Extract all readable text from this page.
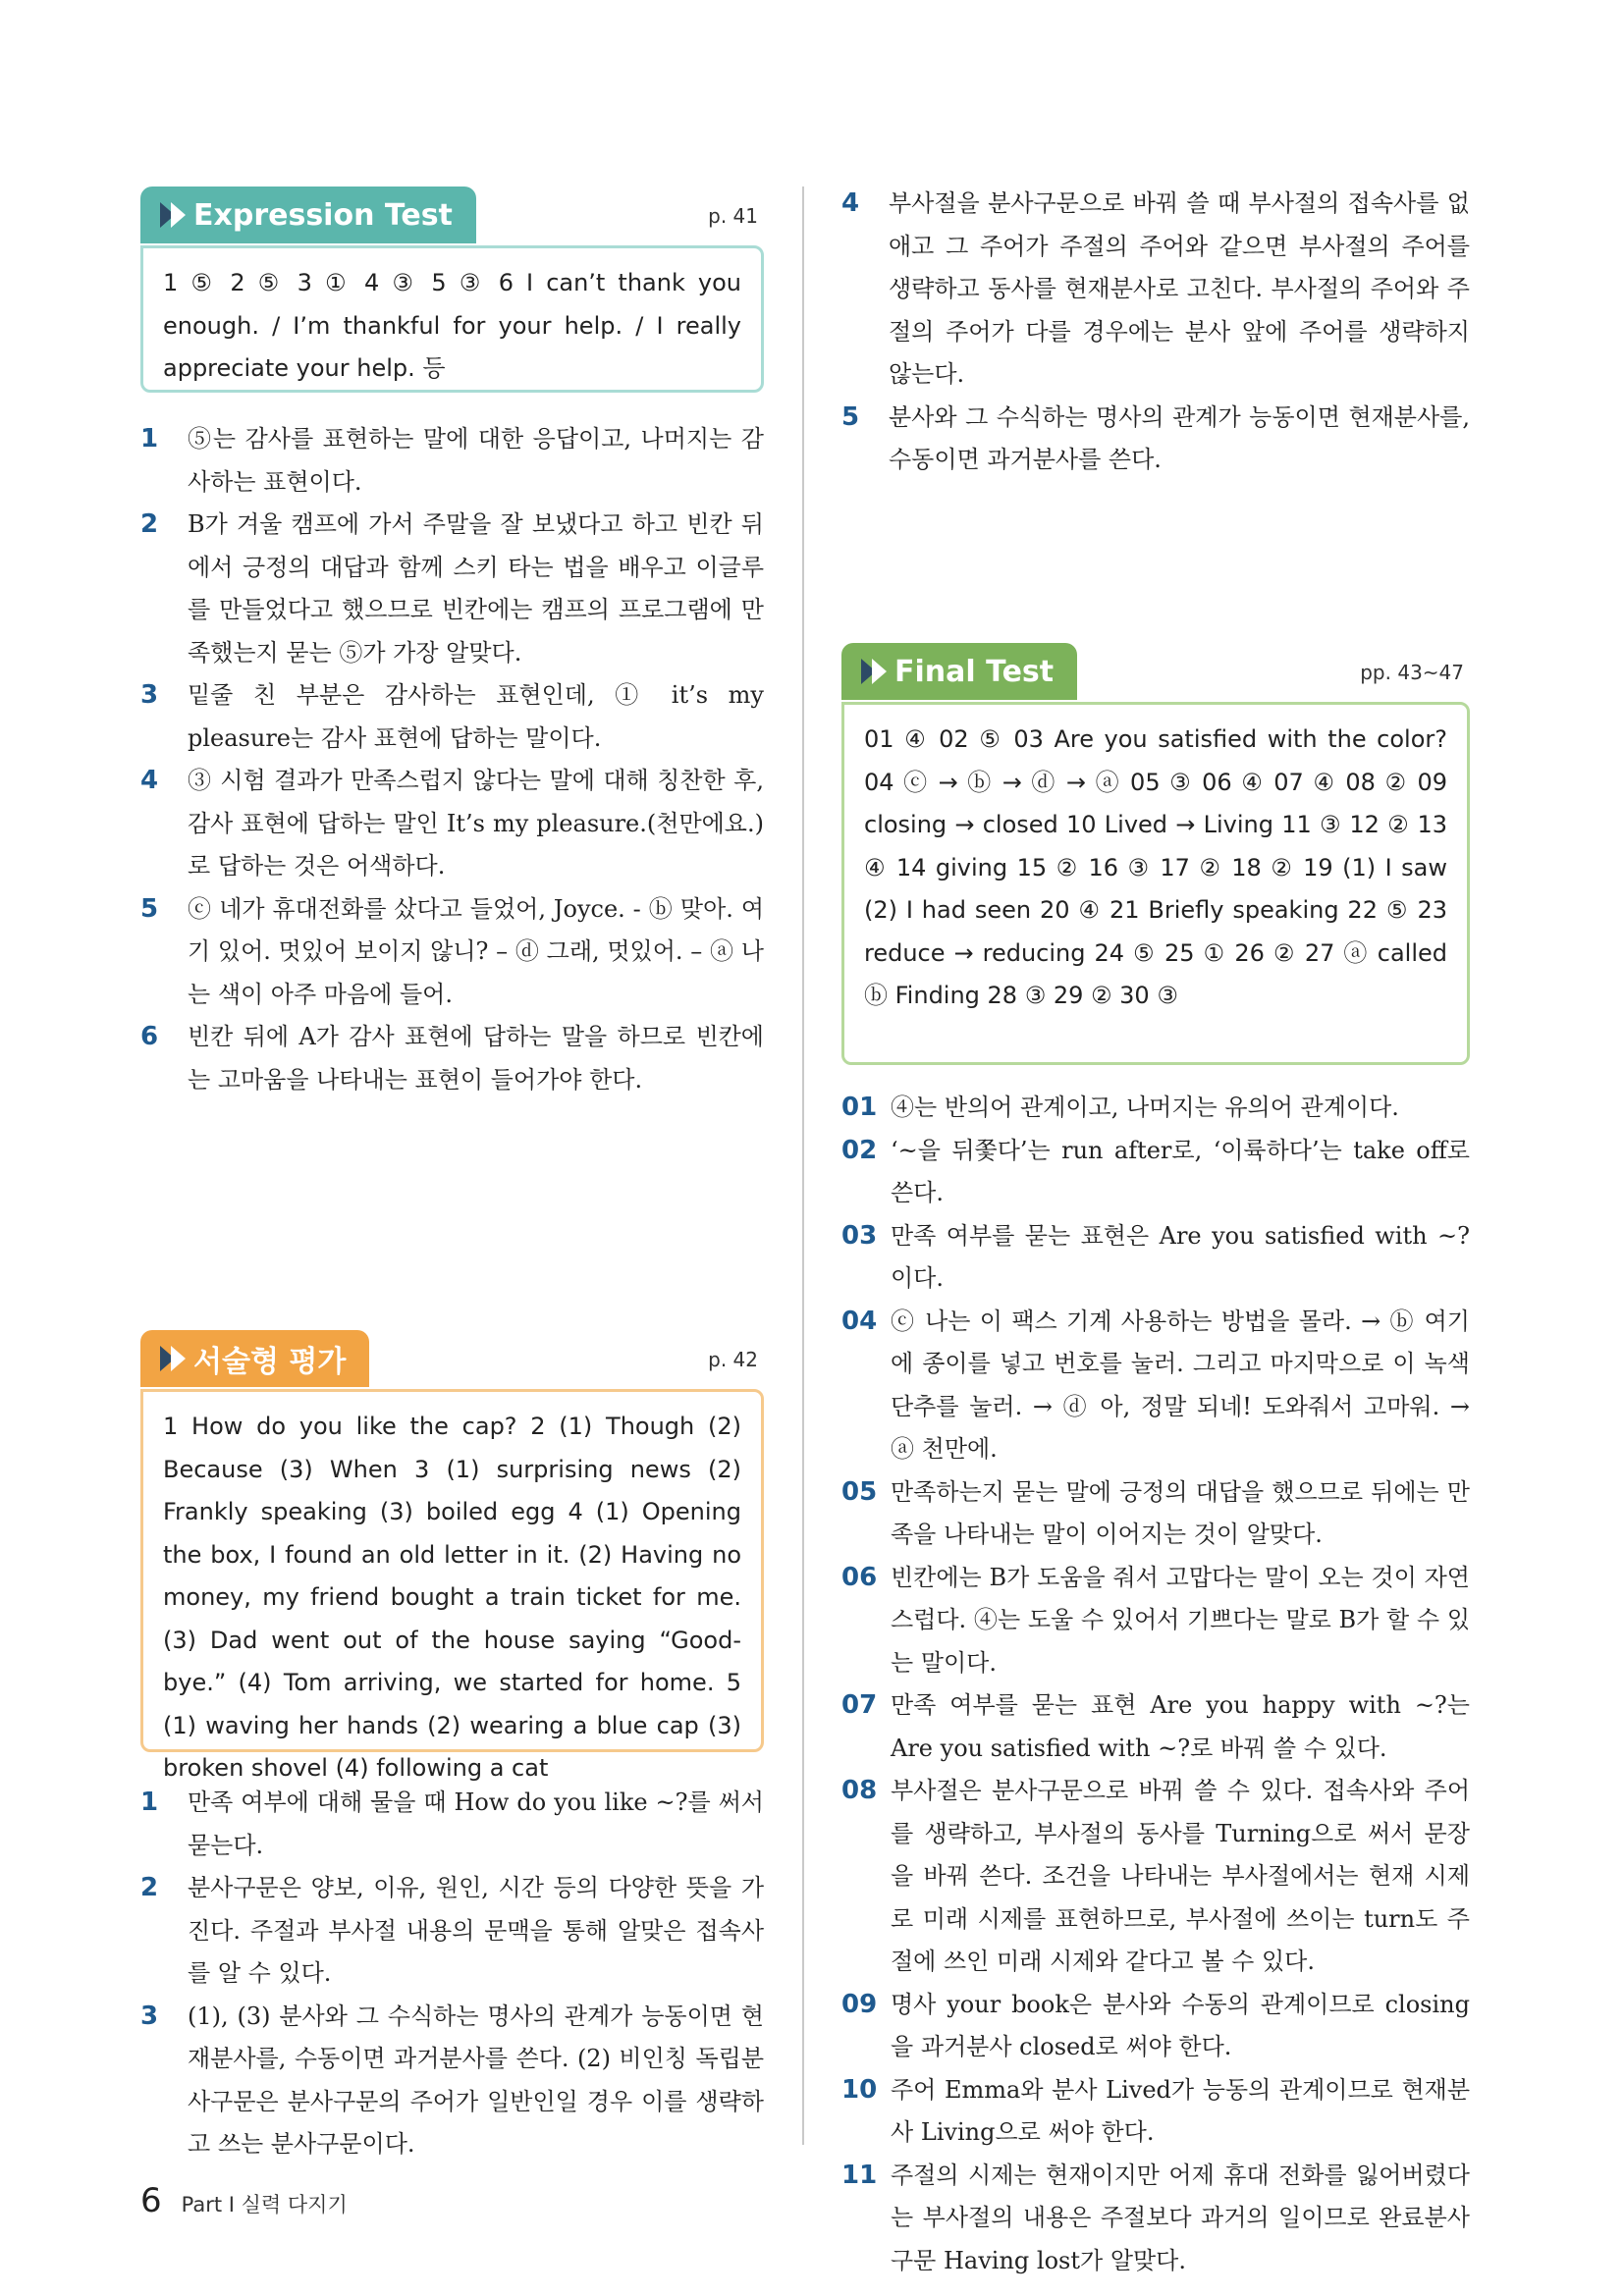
Expression Test	p. 41
1 ⑤ 2 ⑤ 3 ① 4 ③ 5 ③ 6 I can’t thank you enough. / I’m thankful for your help. / I really appreciate your help. 등
1	⑤는 감사를 표현하는 말에 대한 응답이고, 나머지는 감사하는 표현이다.
2	B가 겨울 캠프에 가서 주말을 잘 보냈다고 하고 빈칸 뒤에서 긍정의 대답과 함께 스키 타는 법을 배우고 이글루를 만들었다고 했으므로 빈칸에는 캠프의 프로그램에 만족했는지 묻는 ⑤가 가장 알맞다.
3	밑줄 친 부분은 감사하는 표현인데, ① it’s my pleasure는 감사 표현에 답하는 말이다.
4	③ 시험 결과가 만족스럽지 않다는 말에 대해 칭찬한 후, 감사 표현에 답하는 말인 It’s my pleasure.(천만에요.)로 답하는 것은 어색하다.
5	ⓒ 네가 휴대전화를 샀다고 들었어, Joyce. - ⓑ 맞아. 여기 있어. 멋있어 보이지 않니? – ⓓ 그래, 멋있어. – ⓐ 나는 색이 아주 마음에 들어.
6	빈칸 뒤에 A가 감사 표현에 답하는 말을 하므로 빈칸에는 고마움을 나타내는 표현이 들어가야 한다.
서술형 평가	p. 42
1 How do you like the cap? 2 (1) Though (2) Because (3) When 3 (1) surprising news (2) Frankly speaking (3) boiled egg 4 (1) Opening the box, I found an old letter in it. (2) Having no money, my friend bought a train ticket for me. (3) Dad went out of the house saying “Good-bye.” (4) Tom arriving, we started for home. 5 (1) waving her hands (2) wearing a blue cap (3) broken shovel (4) following a cat
1	만족 여부에 대해 물을 때 How do you like ~?를 써서 묻는다.
2	분사구문은 양보, 이유, 원인, 시간 등의 다양한 뜻을 가진다. 주절과 부사절 내용의 문맥을 통해 알맞은 접속사를 알 수 있다.
3	(1), (3) 분사와 그 수식하는 명사의 관계가 능동이면 현재분사를, 수동이면 과거분사를 쓴다. (2) 비인칭 독립분사구문은 분사구문의 주어가 일반인일 경우 이를 생략하고 쓰는 분사구문이다.
4	부사절을 분사구문으로 바꿔 쓸 때 부사절의 접속사를 없애고 그 주어가 주절의 주어와 같으면 부사절의 주어를 생략하고 동사를 현재분사로 고친다. 부사절의 주어와 주절의 주어가 다를 경우에는 분사 앞에 주어를 생략하지 않는다.
5	분사와 그 수식하는 명사의 관계가 능동이면 현재분사를, 수동이면 과거분사를 쓴다.
Final Test	pp. 43~47
01 ④ 02 ⑤ 03 Are you satisfied with the color? 04 ⓒ → ⓑ → ⓓ → ⓐ 05 ③ 06 ④ 07 ④ 08 ② 09 closing → closed 10 Lived → Living 11 ③ 12 ② 13 ④ 14 giving 15 ② 16 ③ 17 ② 18 ② 19 (1) I saw (2) I had seen 20 ④ 21 Briefly speaking 22 ⑤ 23 reduce → reducing 24 ⑤ 25 ① 26 ② 27 ⓐ called ⓑ Finding 28 ③ 29 ② 30 ③
01 ④는 반의어 관계이고, 나머지는 유의어 관계이다.
02 ‘~을 뒤쫓다’는 run after로, ‘이륙하다’는 take off로 쓴다.
03 만족 여부를 묻는 표현은 Are you satisfied with ~?이다.
04 ⓒ 나는 이 팩스 기계 사용하는 방법을 몰라. → ⓑ 여기에 종이를 넣고 번호를 눌러. 그리고 마지막으로 이 녹색 단추를 눌러. → ⓓ 아, 정말 되네! 도와줘서 고마워. → ⓐ 천만에.
05 만족하는지 묻는 말에 긍정의 대답을 했으므로 뒤에는 만족을 나타내는 말이 이어지는 것이 알맞다.
06 빈칸에는 B가 도움을 줘서 고맙다는 말이 오는 것이 자연스럽다. ④는 도울 수 있어서 기쁘다는 말로 B가 할 수 있는 말이다.
07 만족 여부를 묻는 표현 Are you happy with ~?는 Are you satisfied with ~?로 바꿔 쓸 수 있다.
08 부사절은 분사구문으로 바꿔 쓸 수 있다. 접속사와 주어를 생략하고, 부사절의 동사를 Turning으로 써서 문장을 바꿔 쓴다. 조건을 나타내는 부사절에서는 현재 시제로 미래 시제를 표현하므로, 부사절에 쓰이는 turn도 주절에 쓰인 미래 시제와 같다고 볼 수 있다.
09 명사 your book은 분사와 수동의 관계이므로 closing을 과거분사 closed로 써야 한다.
10 주어 Emma와 분사 Lived가 능동의 관계이므로 현재분사 Living으로 써야 한다.
11 주절의 시제는 현재이지만 어제 휴대 전화를 잃어버렸다는 부사절의 내용은 주절보다 과거의 일이므로 완료분사구문 Having lost가 알맞다.
6 Part I 실력 다지기
